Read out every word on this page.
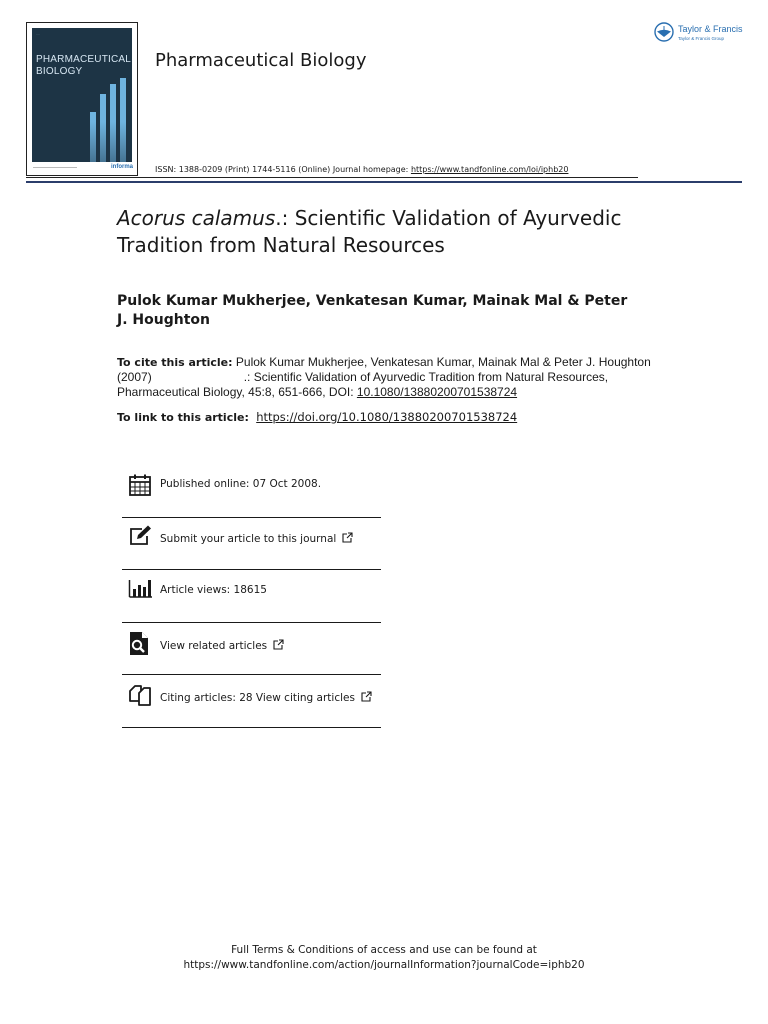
····
PHARMACEUTICAL
BIOLOGY
informa
Pharmaceutical Biology
Taylor & Francis
Taylor & Francis Group
ISSN: 1388-0209 (Print) 1744-5116 (Online) Journal homepage: https://www.tandfonline.com/loi/iphb20
Acorus calamus.: Scientific Validation of Ayurvedic Tradition from Natural Resources
Pulok Kumar Mukherjee, Venkatesan Kumar, Mainak Mal & Peter J. Houghton
To cite this article: Pulok Kumar Mukherjee, Venkatesan Kumar, Mainak Mal & Peter J. Houghton (2007)	.: Scientific Validation of Ayurvedic Tradition from Natural Resources, Pharmaceutical Biology, 45:8, 651-666, DOI: 10.1080/13880200701538724
To link to this article: https://doi.org/10.1080/13880200701538724
Published online: 07 Oct 2008.
Submit your article to this journal
Article views: 18615
View related articles
Citing articles: 28 View citing articles
Full Terms & Conditions of access and use can be found at
https://www.tandfonline.com/action/journalInformation?journalCode=iphb20
